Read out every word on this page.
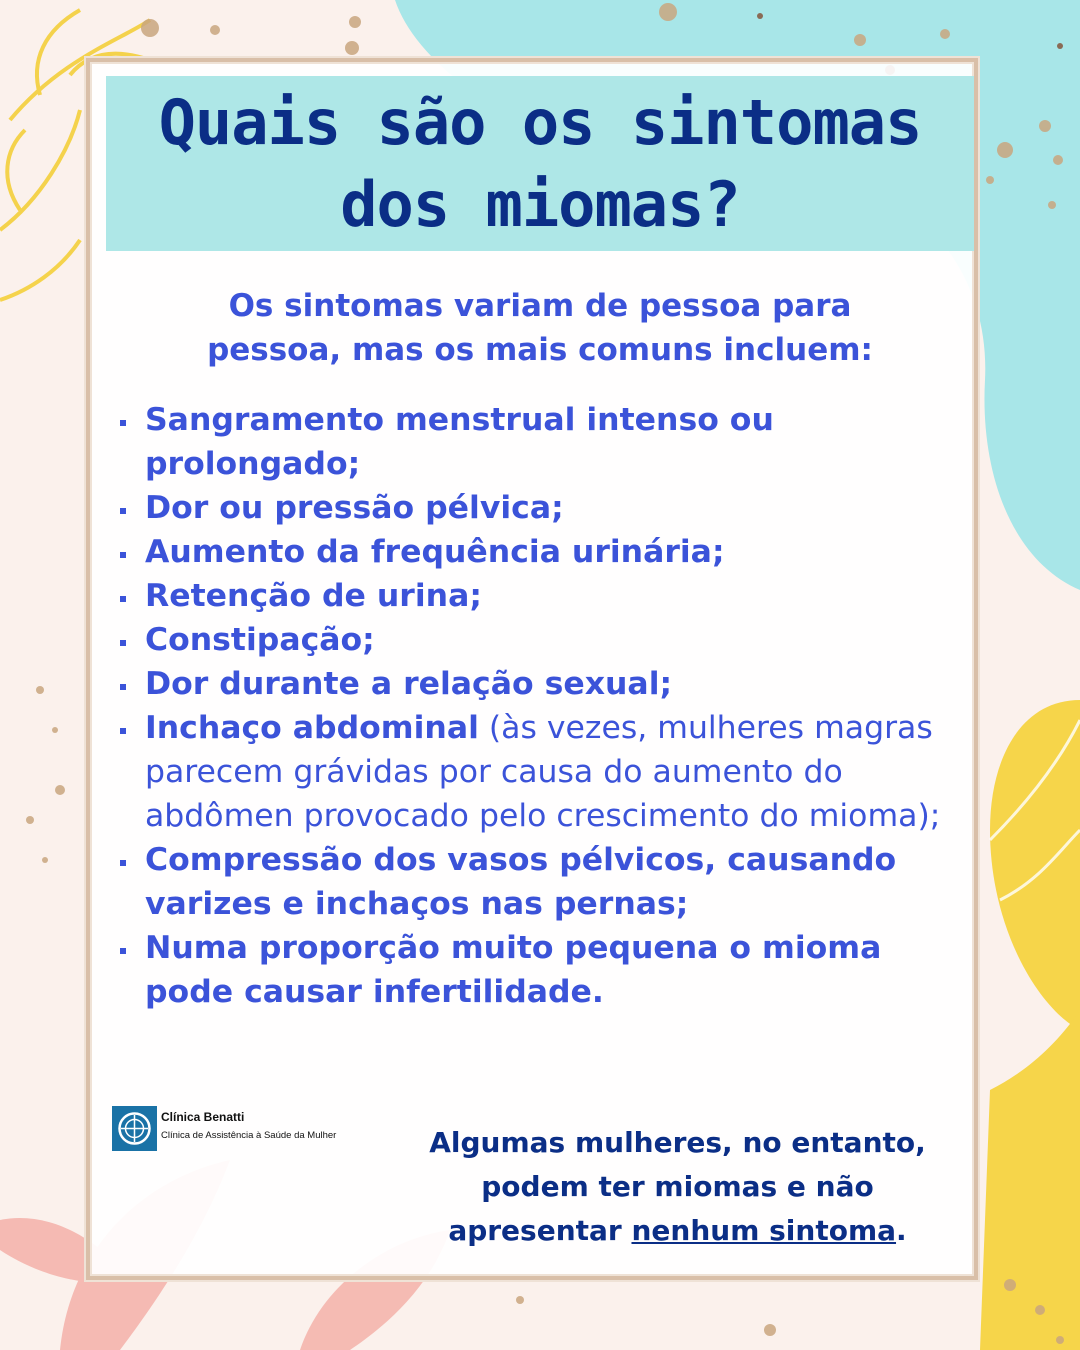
Quais são os sintomas
dos miomas?

Os sintomas variam de pessoa para
pessoa, mas os mais comuns incluem:

Sangramento menstrual intenso ou prolongado;
Dor ou pressão pélvica;
Aumento da frequência urinária;
Retenção de urina;
Constipação;
Dor durante a relação sexual;
Inchaço abdominal (às vezes, mulheres magras parecem grávidas por causa do aumento do abdômen provocado pelo crescimento do mioma);
Compressão dos vasos pélvicos, causando varizes e inchaços nas pernas;
Numa proporção muito pequena o mioma pode causar infertilidade.
Clínica Benatti
Clínica de Assistência à Saúde da Mulher	Algumas mulheres, no entanto,
podem ter miomas e não
apresentar nenhum sintoma.
